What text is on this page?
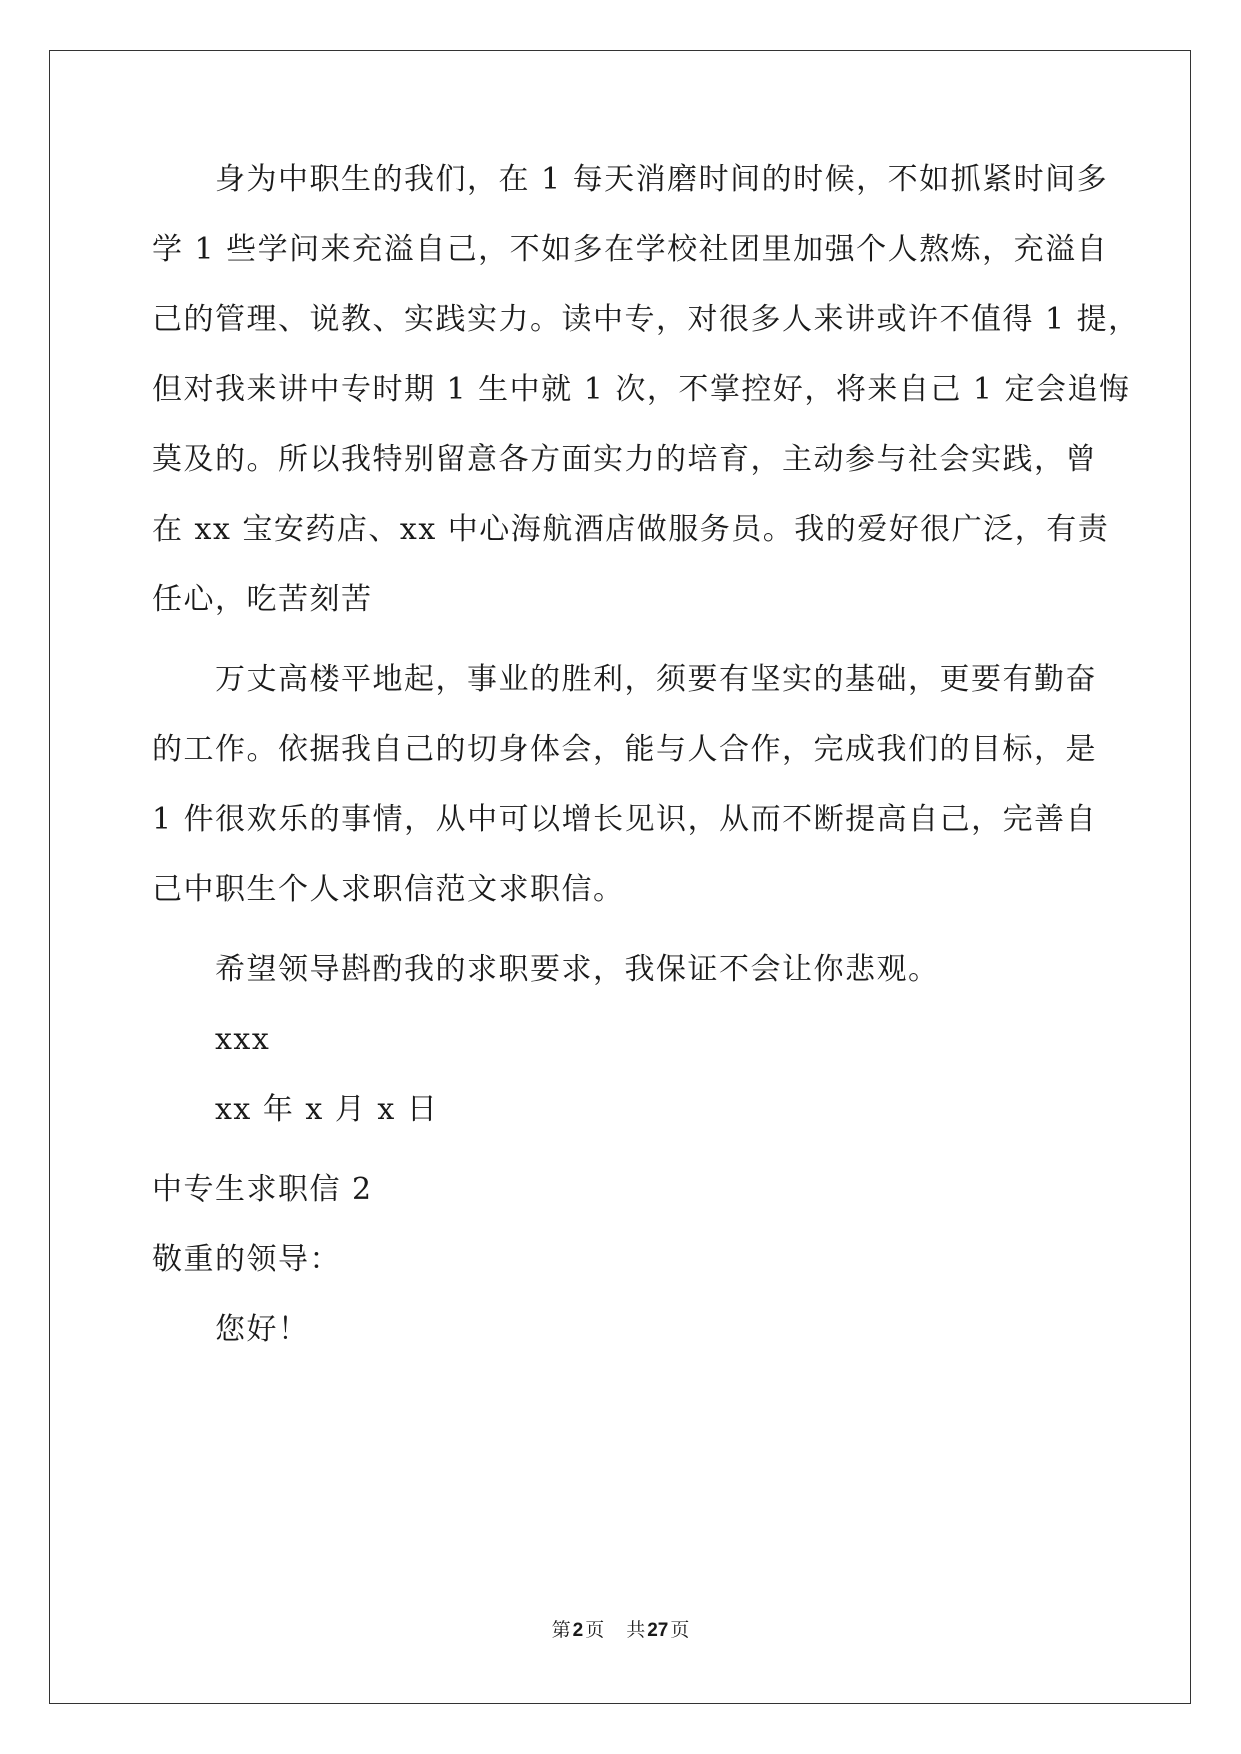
　　身为中职生的我们，在 1 每天消磨时间的时候，不如抓紧时间多
学 1 些学问来充溢自己，不如多在学校社团里加强个人熬炼，充溢自
己的管理、说教、实践实力。读中专，对很多人来讲或许不值得 1 提，
但对我来讲中专时期 1 生中就 1 次，不掌控好，将来自己 1 定会追悔
莫及的。所以我特别留意各方面实力的培育，主动参与社会实践，曾
在 xx 宝安药店、xx 中心海航酒店做服务员。我的爱好很广泛，有责
任心，吃苦刻苦
　　万丈高楼平地起，事业的胜利，须要有坚实的基础，更要有勤奋
的工作。依据我自己的切身体会，能与人合作，完成我们的目标，是
1 件很欢乐的事情，从中可以增长见识，从而不断提高自己，完善自
己中职生个人求职信范文求职信。
　　希望领导斟酌我的求职要求，我保证不会让你悲观。
　　xxx
　　xx 年 x 月 x 日
中专生求职信 2
敬重的领导：
　　您好！
第 2 页 共 27 页
